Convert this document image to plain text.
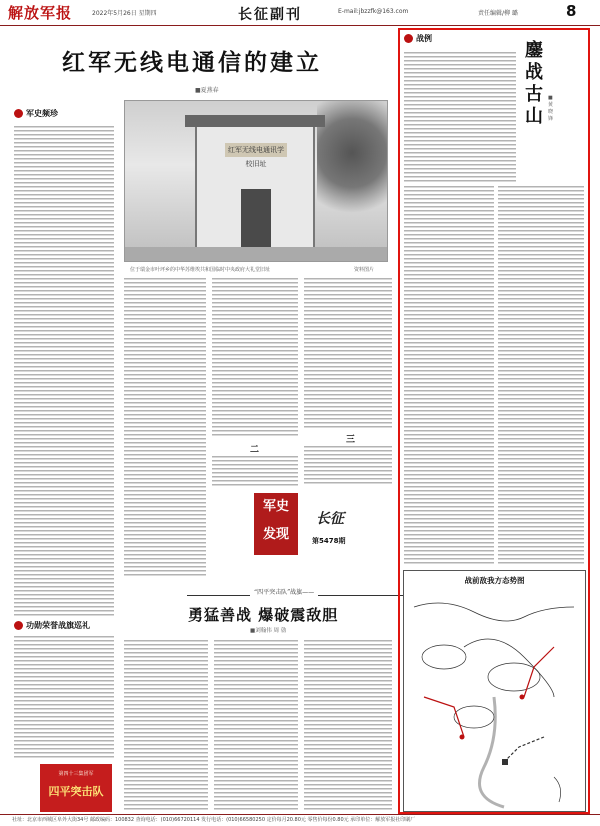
解放军报	2022年5月26日 星期四	长征副刊	E-mail:jbzzfk@163.com	责任编辑/柳 璐	8
红军无线电通信的建立
■夏燕春
军史频珍
红军无线电通讯学校旧址
位于瑞金市叶坪乡的中华苏维埃共和国临时中央政府大礼堂旧址	资料图片
二
三
军史
发现
长征
第5478期
功勋荣誉战旗巡礼
“四平突击队”战旗——
勇猛善战 爆破震敌胆
■刘翰伟 周 勍
第四十三集团军
四平突击队
战例
鏖战古山
■黄晓锋
战前敌我方态势图
社址：北京市西城区阜外大街34号 邮政编码：100832 查询电话：(010)66720114 发行电话：(010)66580250 定价每月20.80元 零售价每份0.80元 承印单位：解放军报社印刷厂
